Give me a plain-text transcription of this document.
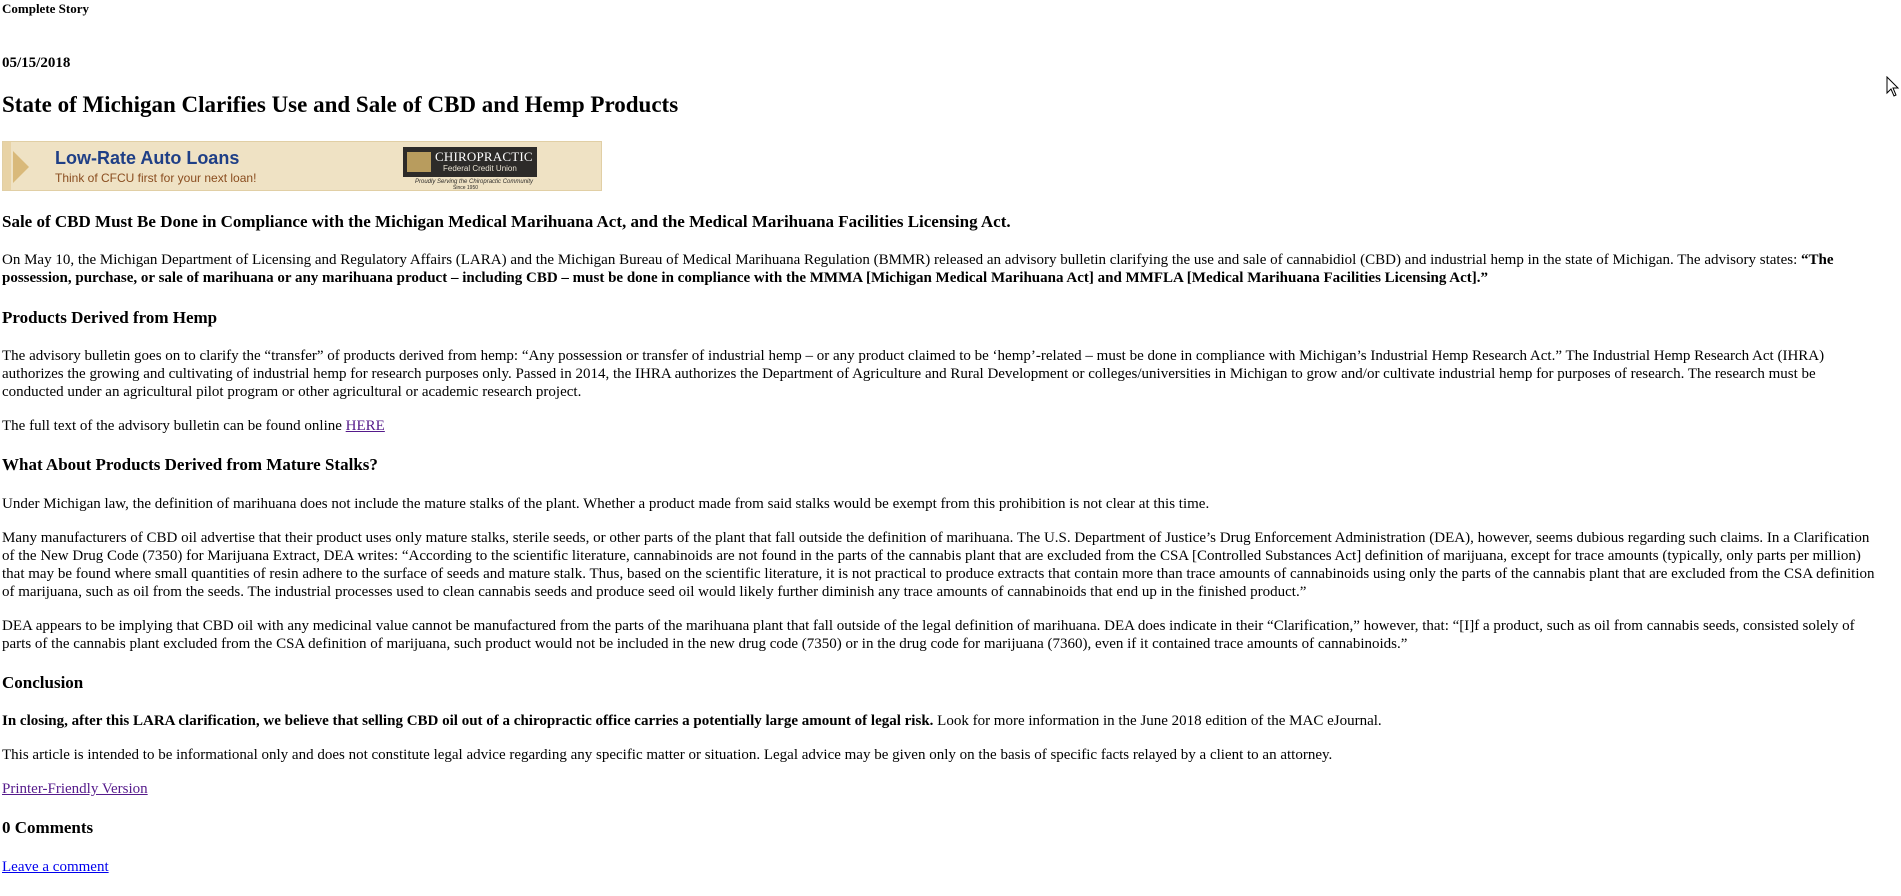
Complete Story
05/15/2018
State of Michigan Clarifies Use and Sale of CBD and Hemp Products
Low-Rate Auto Loans
Think of CFCU first for your next loan!
CHIROPRACTIC
Federal Credit Union
Proudly Serving the Chiropractic Community
Since 1950
Sale of CBD Must Be Done in Compliance with the Michigan Medical Marihuana Act, and the Medical Marihuana Facilities Licensing Act.

On May 10, the Michigan Department of Licensing and Regulatory Affairs (LARA) and the Michigan Bureau of Medical Marihuana Regulation (BMMR) released an advisory bulletin clarifying the use and sale of cannabidiol (CBD) and industrial hemp in the state of Michigan. The advisory states: “The possession, purchase, or sale of marihuana or any marihuana product – including CBD – must be done in compliance with the MMMA [Michigan Medical Marihuana Act] and MMFLA [Medical Marihuana Facilities Licensing Act].”

Products Derived from Hemp

The advisory bulletin goes on to clarify the “transfer” of products derived from hemp: “Any possession or transfer of industrial hemp – or any product claimed to be ‘hemp’-related – must be done in compliance with Michigan’s Industrial Hemp Research Act.” The Industrial Hemp Research Act (IHRA) authorizes the growing and cultivating of industrial hemp for research purposes only. Passed in 2014, the IHRA authorizes the Department of Agriculture and Rural Development or colleges/universities in Michigan to grow and/or cultivate industrial hemp for purposes of research. The research must be conducted under an agricultural pilot program or other agricultural or academic research project.

The full text of the advisory bulletin can be found online HERE

What About Products Derived from Mature Stalks?

Under Michigan law, the definition of marihuana does not include the mature stalks of the plant. Whether a product made from said stalks would be exempt from this prohibition is not clear at this time.

Many manufacturers of CBD oil advertise that their product uses only mature stalks, sterile seeds, or other parts of the plant that fall outside the definition of marihuana. The U.S. Department of Justice’s Drug Enforcement Administration (DEA), however, seems dubious regarding such claims. In a Clarification of the New Drug Code (7350) for Marijuana Extract, DEA writes: “According to the scientific literature, cannabinoids are not found in the parts of the cannabis plant that are excluded from the CSA [Controlled Substances Act] definition of marijuana, except for trace amounts (typically, only parts per million) that may be found where small quantities of resin adhere to the surface of seeds and mature stalk. Thus, based on the scientific literature, it is not practical to produce extracts that contain more than trace amounts of cannabinoids using only the parts of the cannabis plant that are excluded from the CSA definition of marijuana, such as oil from the seeds. The industrial processes used to clean cannabis seeds and produce seed oil would likely further diminish any trace amounts of cannabinoids that end up in the finished product.”

DEA appears to be implying that CBD oil with any medicinal value cannot be manufactured from the parts of the marihuana plant that fall outside of the legal definition of marihuana. DEA does indicate in their “Clarification,” however, that: “[I]f a product, such as oil from cannabis seeds, consisted solely of parts of the cannabis plant excluded from the CSA definition of marijuana, such product would not be included in the new drug code (7350) or in the drug code for marijuana (7360), even if it contained trace amounts of cannabinoids.”

Conclusion

In closing, after this LARA clarification, we believe that selling CBD oil out of a chiropractic office carries a potentially large amount of legal risk. Look for more information in the June 2018 edition of the MAC eJournal.

This article is intended to be informational only and does not constitute legal advice regarding any specific matter or situation. Legal advice may be given only on the basis of specific facts relayed by a client to an attorney.

Printer-Friendly Version

0 Comments

Leave a comment
